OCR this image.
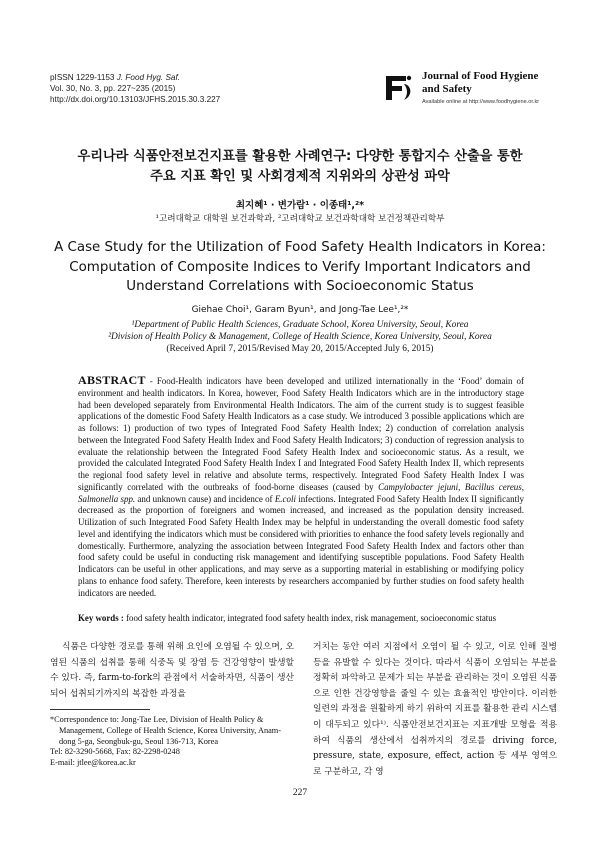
pISSN 1229-1153 J. Food Hyg. Saf.
Vol. 30, No. 3, pp. 227~235 (2015)
http://dx.doi.org/10.13103/JFHS.2015.30.3.227
Journal of Food Hygiene
and Safety
Available online at http://www.foodhygiene.or.kr
우리나라 식품안전보건지표를 활용한 사례연구: 다양한 통합지수 산출을 통한
주요 지표 확인 및 사회경제적 지위와의 상관성 파악
최지혜¹ · 변가람¹ · 이종태¹,²*
¹고려대학교 대학원 보건과학과, ²고려대학교 보건과학대학 보건정책관리학부
A Case Study for the Utilization of Food Safety Health Indicators in Korea:
Computation of Composite Indices to Verify Important Indicators and
Understand Correlations with Socioeconomic Status
Giehae Choi¹, Garam Byun¹, and Jong-Tae Lee¹,²*
¹Department of Public Health Sciences, Graduate School, Korea University, Seoul, Korea
²Division of Health Policy & Management, College of Health Science, Korea University, Seoul, Korea
(Received April 7, 2015/Revised May 20, 2015/Accepted July 6, 2015)
ABSTRACT - Food-Health indicators have been developed and utilized internationally in the ‘Food’ domain of environment and health indicators. In Korea, however, Food Safety Health Indicators which are in the introductory stage had been developed separately from Environmental Health Indicators. The aim of the current study is to suggest feasible applications of the domestic Food Safety Health Indicators as a case study. We introduced 3 possible applications which are as follows: 1) production of two types of Integrated Food Safety Health Index; 2) conduction of correlation analysis between the Integrated Food Safety Health Index and Food Safety Health Indicators; 3) conduction of regression analysis to evaluate the relationship between the Integrated Food Safety Health Index and socioeconomic status. As a result, we provided the calculated Integrated Food Safety Health Index I and Integrated Food Safety Health Index II, which represents the regional food safety level in relative and absolute terms, respectively. Integrated Food Safety Health Index I was significantly correlated with the outbreaks of food-borne diseases (caused by Campylobacter jejuni, Bacillus cereus, Salmonella spp. and unknown cause) and incidence of E.coli infections. Integrated Food Safety Health Index II significantly decreased as the proportion of foreigners and women increased, and increased as the population density increased. Utilization of such Integrated Food Safety Health Index may be helpful in understanding the overall domestic food safety level and identifying the indicators which must be considered with priorities to enhance the food safety levels regionally and domestically. Furthermore, analyzing the association between Integrated Food Safety Health Index and factors other than food safety could be useful in conducting risk management and identifying susceptible populations. Food Safety Health Indicators can be useful in other applications, and may serve as a supporting material in establishing or modifying policy plans to enhance food safety. Therefore, keen interests by researchers accompanied by further studies on food safety health indicators are needed.
Key words : food safety health indicator, integrated food safety health index, risk management, socioeconomic status
식품은 다양한 경로를 통해 위해 요인에 오염될 수 있으며, 오염된 식품의 섭취를 통해 식중독 및 장염 등 건강영향이 발생할 수 있다. 즉, farm-to-fork의 관점에서 서술하자면, 식품이 생산되어 섭취되기까지의 복잡한 과정을
거치는 동안 여러 지점에서 오염이 될 수 있고, 이로 인해 질병 등을 유발할 수 있다는 것이다. 따라서 식품이 오염되는 부분을 정확히 파악하고 문제가 되는 부분을 관리하는 것이 오염된 식품으로 인한 건강영향을 줄일 수 있는 효율적인 방안이다. 이러한 일련의 과정을 원활하게 하기 위하여 지표를 활용한 관리 시스템이 대두되고 있다¹⁾. 식품안전보건지표는 지표개발 모형을 적용하여 식품의 생산에서 섭취까지의 경로를 driving force, pressure, state, exposure, effect, action 등 세부 영역으로 구분하고, 각 영
*Correspondence to: Jong-Tae Lee, Division of Health Policy &
Management, College of Health Science, Korea University, Anam-
dong 5-ga, Seongbuk-gu, Seoul 136-713, Korea
Tel: 82-3290-5668, Fax: 82-2298-0248
E-mail: jtlee@korea.ac.kr
227
